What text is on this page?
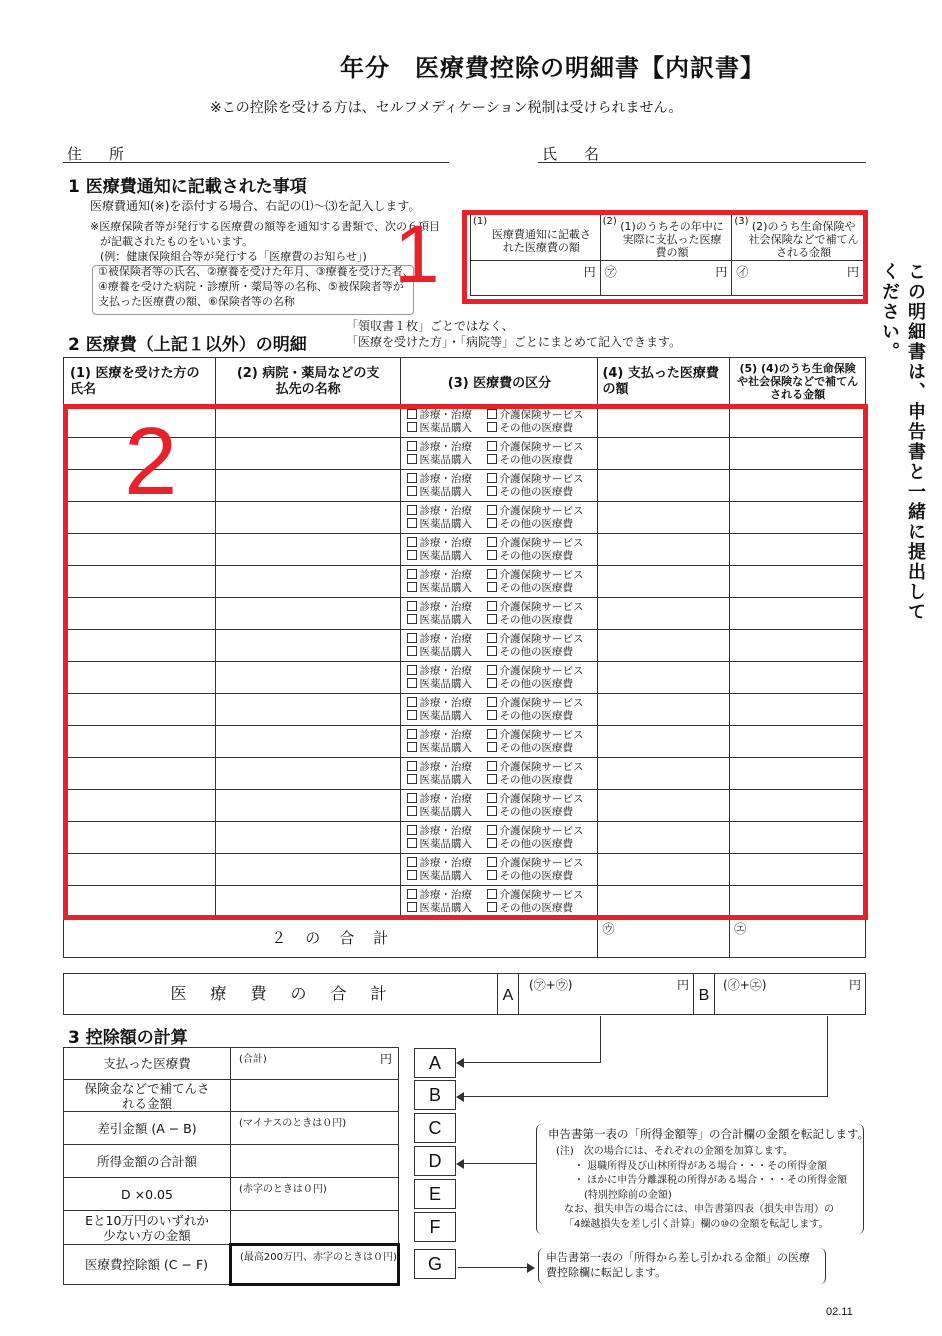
年分　医療費控除の明細書【内訳書】
※この控除を受ける方は、セルフメディケーション税制は受けられません。
住　所	氏　名
この明細書は、申告書と一緒に提出してください。
1 医療費通知に記載された事項
医療費通知(※)を添付する場合、右記の⑴〜⑶を記入します。
※医療保険者等が発行する医療費の額等を通知する書類で、次の６項目
が記載されたものをいいます。
(例：健康保険組合等が発行する「医療費のお知らせ」)
①被保険者等の氏名、②療養を受けた年月、③療養を受けた者、
④療養を受けた病院・診療所・薬局等の名称、⑤被保険者等が
支払った医療費の額、⑥保険者等の名称
(1)
医療費通知に記載された医療費の額	(2) (1)のうちその年中に実際に支払った医療費の額	(3) (2)のうち生命保険や社会保険などで補てんされる金額

円	㋐ 円	㋑ 円
2 医療費（上記１以外）の明細
「領収書１枚」ごとではなく、
「医療を受けた方」・「病院等」ごとにまとめて記入できます。
(1) 医療を受けた方の氏名	(2) 病院・薬局などの支払先の名称	(3) 医療費の区分	(4) 支払った医療費の額	(5) (4)のうち生命保険や社会保険などで補てんされる金額

		診療・治療 介護保険サービス
医薬品購入 その他の医療費		

		診療・治療 介護保険サービス
医薬品購入 その他の医療費		

		診療・治療 介護保険サービス
医薬品購入 その他の医療費		

		診療・治療 介護保険サービス
医薬品購入 その他の医療費		

		診療・治療 介護保険サービス
医薬品購入 その他の医療費		

		診療・治療 介護保険サービス
医薬品購入 その他の医療費		

		診療・治療 介護保険サービス
医薬品購入 その他の医療費		

		診療・治療 介護保険サービス
医薬品購入 その他の医療費		

		診療・治療 介護保険サービス
医薬品購入 その他の医療費		

		診療・治療 介護保険サービス
医薬品購入 その他の医療費		

		診療・治療 介護保険サービス
医薬品購入 その他の医療費		

		診療・治療 介護保険サービス
医薬品購入 その他の医療費		

		診療・治療 介護保険サービス
医薬品購入 その他の医療費		

		診療・治療 介護保険サービス
医薬品購入 その他の医療費		

		診療・治療 介護保険サービス
医薬品購入 その他の医療費		

		診療・治療 介護保険サービス
医薬品購入 その他の医療費		

２　の　合　計			㋒	㋓
医　療　費　の　合　計	A
(㋐+㋒)	円
B
(㋑+㋓)	円
3 控除額の計算
支払った医療費	(合計) 円

保険金などで補てんされる金額	

差引金額 (A − B)	(マイナスのときは０円)

所得金額の合計額	

D ×0.05	(赤字のときは０円)

Eと10万円のいずれか少ない方の金額	

医療費控除額 (C − F)	(最高200万円、赤字のときは０円)
A
B
C
D
E
F
G
申告書第一表の「所得金額等」の合計欄の金額を転記します。
(注)　次の場合には、それぞれの金額を加算します。
・ 退職所得及び山林所得がある場合・・・その所得金額
・ ほかに申告分離課税の所得がある場合・・・その所得金額
(特別控除前の金額)
なお、損失申告の場合には、申告書第四表（損失申告用）の
「4繰越損失を差し引く計算」欄の⑩の金額を転記します。
申告書第一表の「所得から差し引かれる金額」の医療費控除欄に転記します。
02.11
1
2
